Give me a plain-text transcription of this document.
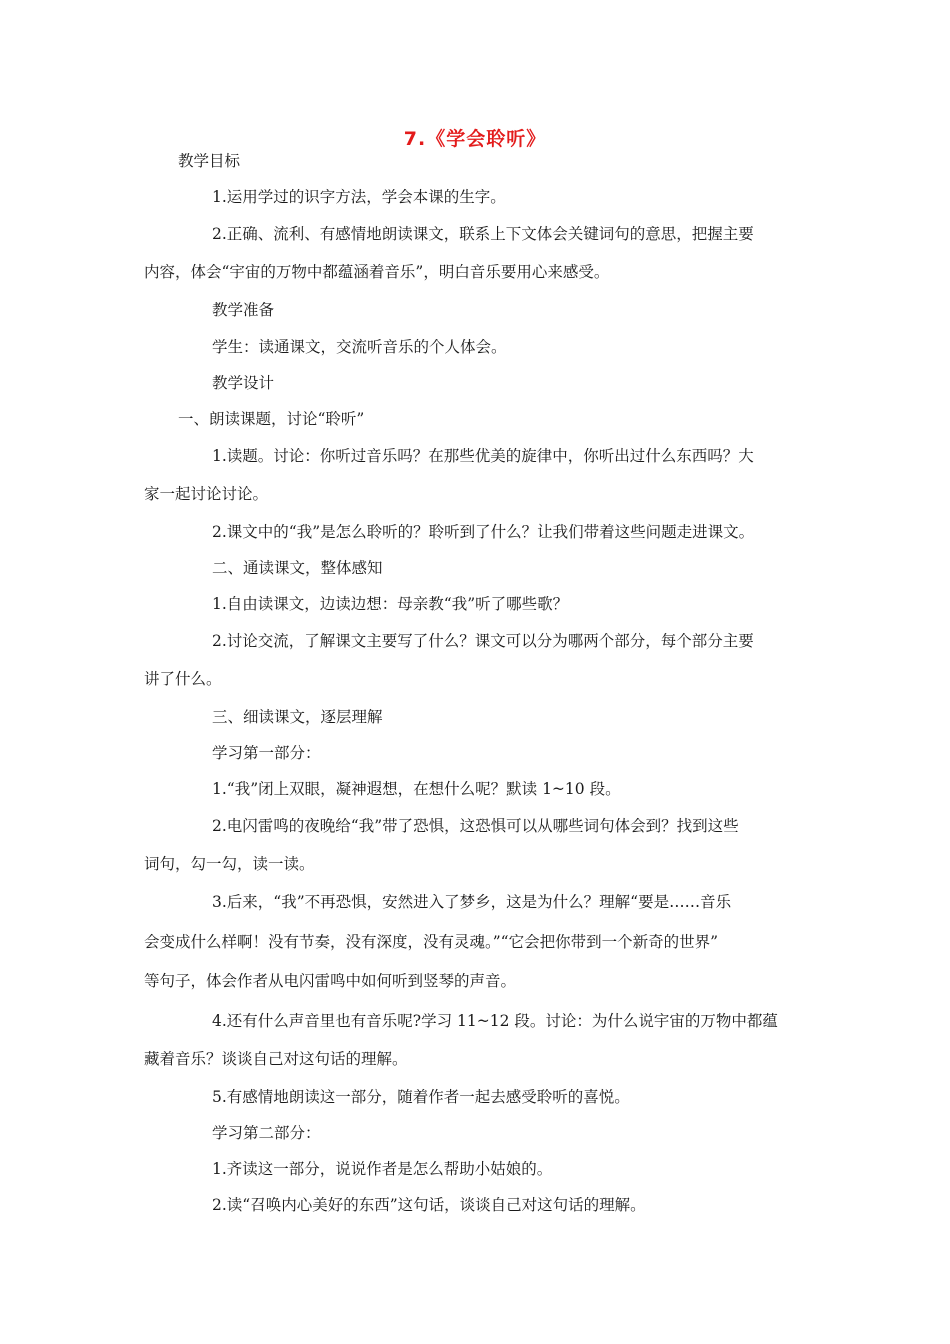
7.《学会聆听》
教学目标
1.运用学过的识字方法，学会本课的生字。
2.正确、流利、有感情地朗读课文，联系上下文体会关键词句的意思，把握主要
内容，体会“宇宙的万物中都蕴涵着音乐”，明白音乐要用心来感受。
教学准备
学生：读通课文，交流听音乐的个人体会。
教学设计
一、朗读课题，讨论“聆听”
1.读题。讨论：你听过音乐吗？在那些优美的旋律中，你听出过什么东西吗？大
家一起讨论讨论。
2.课文中的“我”是怎么聆听的？聆听到了什么？让我们带着这些问题走进课文。
二、通读课文，整体感知
1.自由读课文，边读边想：母亲教“我”听了哪些歌？
2.讨论交流，了解课文主要写了什么？课文可以分为哪两个部分，每个部分主要
讲了什么。
三、细读课文，逐层理解
学习第一部分：
1.“我”闭上双眼，凝神遐想，在想什么呢？默读 1~10 段。
2.电闪雷鸣的夜晚给“我”带了恐惧，这恐惧可以从哪些词句体会到？找到这些
词句，勾一勾，读一读。
3.后来，“我”不再恐惧，安然进入了梦乡，这是为什么？理解“要是……音乐
会变成什么样啊！没有节奏，没有深度，没有灵魂。”“它会把你带到一个新奇的世界”
等句子，体会作者从电闪雷鸣中如何听到竖琴的声音。
4.还有什么声音里也有音乐呢?学习 11~12 段。讨论：为什么说宇宙的万物中都蕴
藏着音乐？谈谈自己对这句话的理解。
5.有感情地朗读这一部分，随着作者一起去感受聆听的喜悦。
学习第二部分：
1.齐读这一部分，说说作者是怎么帮助小姑娘的。
2.读“召唤内心美好的东西”这句话，谈谈自己对这句话的理解。
